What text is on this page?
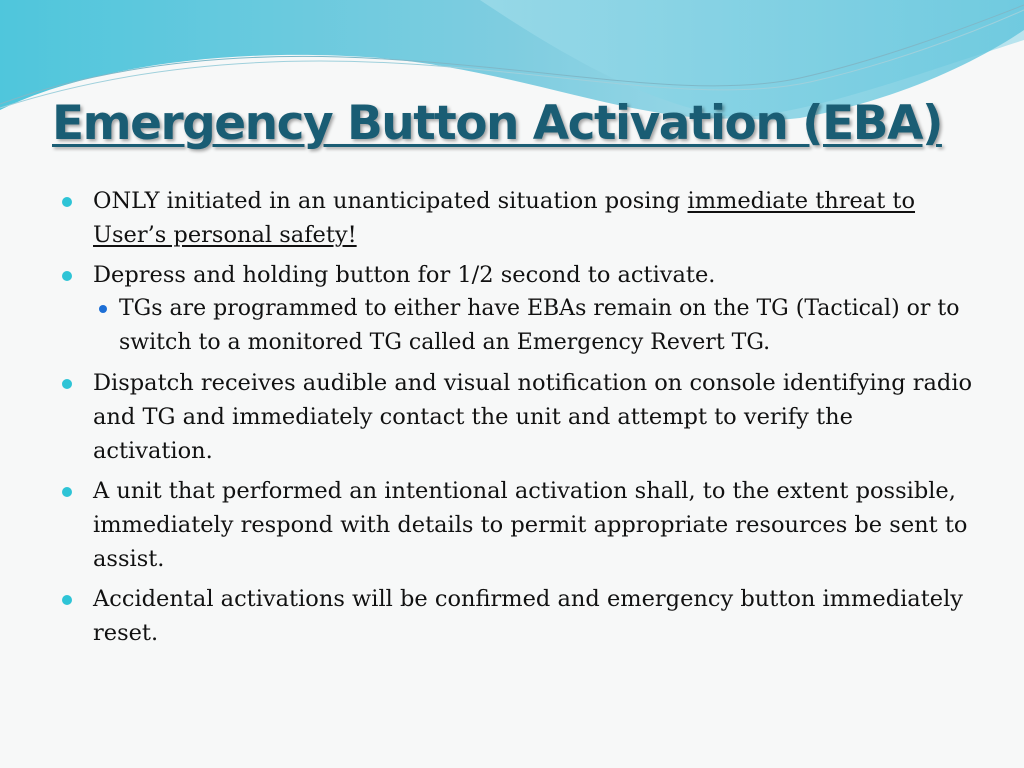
Emergency Button Activation (EBA)
ONLY initiated in an unanticipated situation posing immediate threat to User’s personal safety!
Depress and holding button for 1/2 second to activate.
TGs are programmed to either have EBAs remain on the TG (Tactical) or to switch to a monitored TG called an Emergency Revert TG.
Dispatch receives audible and visual notification on console identifying radio and TG and immediately contact the unit and attempt to verify the activation.
A unit that performed an intentional activation shall, to the extent possible, immediately respond with details to permit appropriate resources be sent to assist.
Accidental activations will be confirmed and emergency button immediately reset.
